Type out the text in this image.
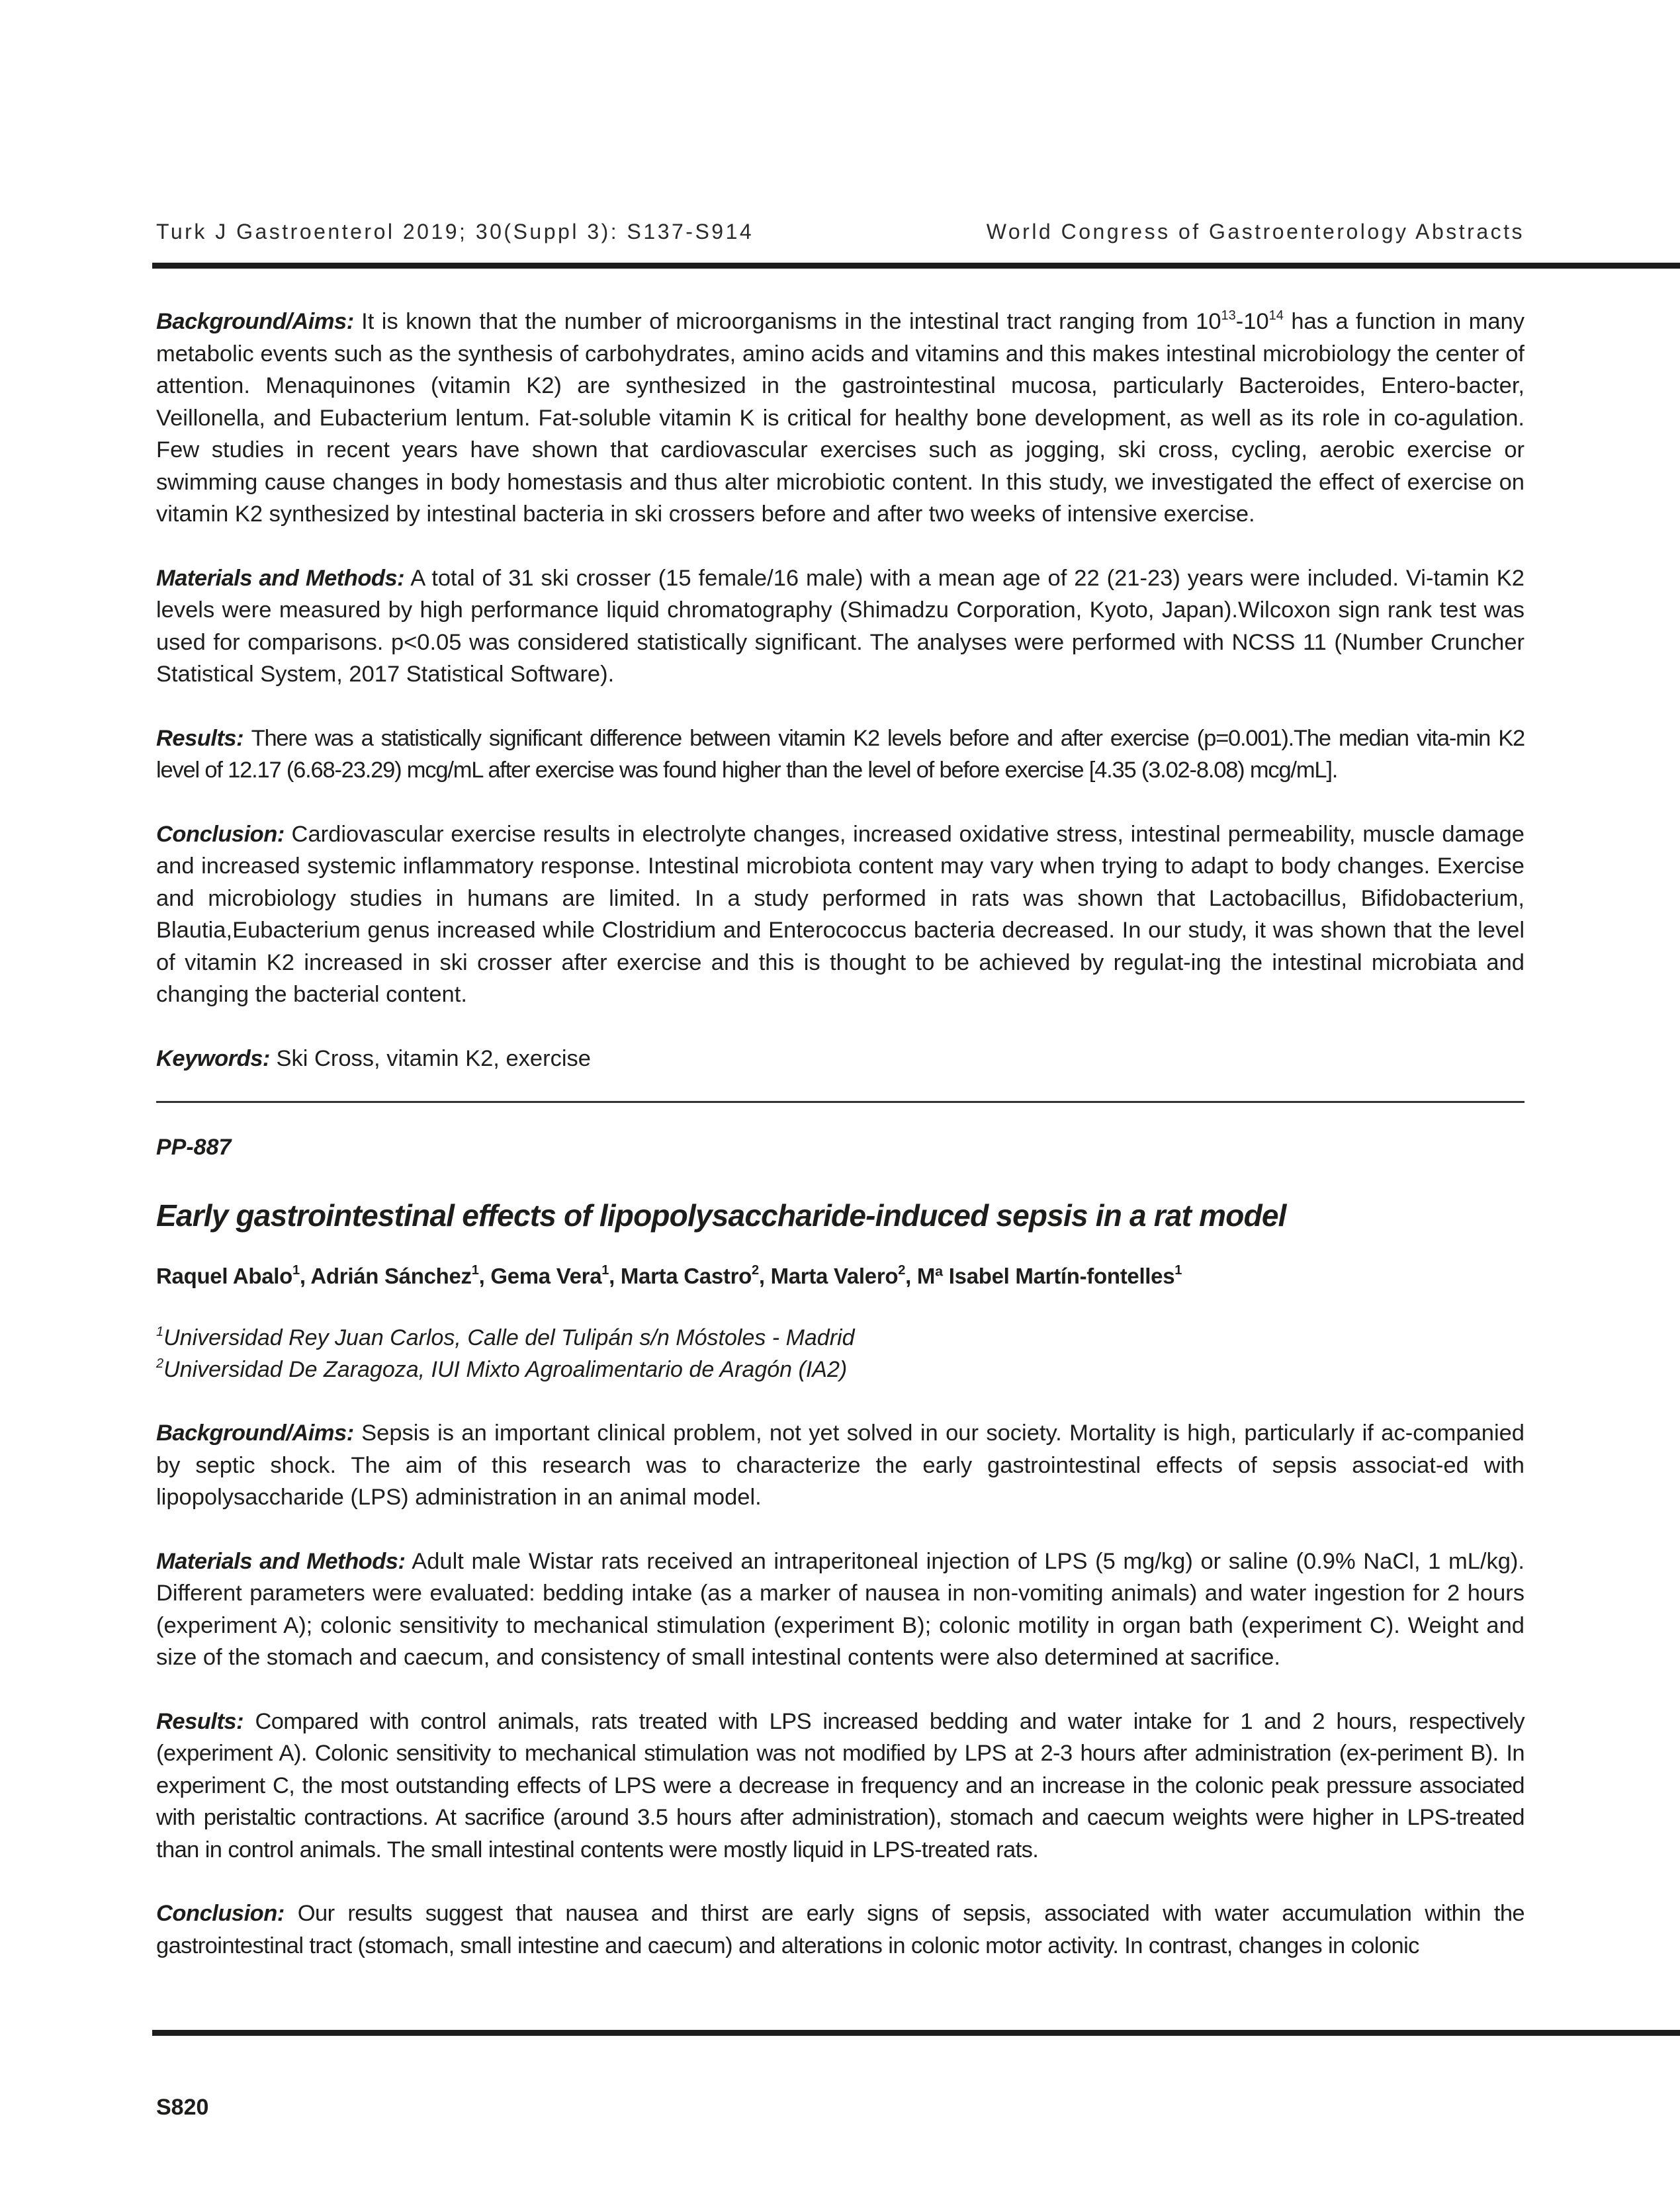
Turk J Gastroenterol 2019; 30(Suppl 3): S137-S914	World Congress of Gastroenterology Abstracts

Background/Aims: It is known that the number of microorganisms in the intestinal tract ranging from $10^{13}-10^{14}$ has a function in many metabolic events such as the synthesis of carbohydrates, amino acids and vitamins and this makes intestinal microbiology the center of attention. Menaquinones (vitamin K2) are synthesized in the gastrointestinal mucosa, particularly Bacteroides, Entero-bacter, Veillonella, and Eubacterium lentum. Fat-soluble vitamin K is critical for healthy bone development, as well as its role in co-agulation. Few studies in recent years have shown that cardiovascular exercises such as jogging, ski cross, cycling, aerobic exercise or swimming cause changes in body homestasis and thus alter microbiotic content. In this study, we investigated the effect of exercise on vitamin K2 synthesized by intestinal bacteria in ski crossers before and after two weeks of intensive exercise.

Materials and Methods: A total of 31 ski crosser (15 female/16 male) with a mean age of 22 (21-23) years were included. Vi-tamin K2 levels were measured by high performance liquid chromatography (Shimadzu Corporation, Kyoto, Japan).Wilcoxon sign rank test was used for comparisons. p<0.05 was considered statistically significant. The analyses were performed with NCSS 11 (Number Cruncher Statistical System, 2017 Statistical Software).

Results: There was a statistically significant difference between vitamin K2 levels before and after exercise (p=0.001).The median vita-min K2 level of 12.17 (6.68-23.29) mcg/mL after exercise was found higher than the level of before exercise [4.35 (3.02-8.08) mcg/mL].

Conclusion: Cardiovascular exercise results in electrolyte changes, increased oxidative stress, intestinal permeability, muscle damage and increased systemic inflammatory response. Intestinal microbiota content may vary when trying to adapt to body changes. Exercise and microbiology studies in humans are limited. In a study performed in rats was shown that Lactobacillus, Bifidobacterium, Blautia,Eubacterium genus increased while Clostridium and Enterococcus bacteria decreased. In our study, it was shown that the level of vitamin K2 increased in ski crosser after exercise and this is thought to be achieved by regulat-ing the intestinal microbiata and changing the bacterial content.

Keywords: Ski Cross, vitamin K2, exercise

PP-887
Early gastrointestinal effects of lipopolysaccharide-induced sepsis in a rat model
Raquel Abalo$^1$, Adrián Sánchez$^1$, Gema Vera$^1$, Marta Castro$^2$, Marta Valero$^2$, Mª Isabel Martín-fontelles$^1$
$^1$Universidad Rey Juan Carlos, Calle del Tulipán s/n Móstoles - Madrid
$^2$Universidad De Zaragoza, IUI Mixto Agroalimentario de Aragón (IA2)

Background/Aims: Sepsis is an important clinical problem, not yet solved in our society. Mortality is high, particularly if ac-companied by septic shock. The aim of this research was to characterize the early gastrointestinal effects of sepsis associat-ed with lipopolysaccharide (LPS) administration in an animal model.

Materials and Methods: Adult male Wistar rats received an intraperitoneal injection of LPS (5 mg/kg) or saline (0.9% NaCl, 1 mL/kg). Different parameters were evaluated: bedding intake (as a marker of nausea in non-vomiting animals) and water ingestion for 2 hours (experiment A); colonic sensitivity to mechanical stimulation (experiment B); colonic motility in organ bath (experiment C). Weight and size of the stomach and caecum, and consistency of small intestinal contents were also determined at sacrifice.

Results: Compared with control animals, rats treated with LPS increased bedding and water intake for 1 and 2 hours, respectively (experiment A). Colonic sensitivity to mechanical stimulation was not modified by LPS at 2-3 hours after administration (ex-periment B). In experiment C, the most outstanding effects of LPS were a decrease in frequency and an increase in the colonic peak pressure associated with peristaltic contractions. At sacrifice (around 3.5 hours after administration), stomach and caecum weights were higher in LPS-treated than in control animals. The small intestinal contents were mostly liquid in LPS-treated rats.

Conclusion: Our results suggest that nausea and thirst are early signs of sepsis, associated with water accumulation within the gastrointestinal tract (stomach, small intestine and caecum) and alterations in colonic motor activity. In contrast, changes in colonic

S820
